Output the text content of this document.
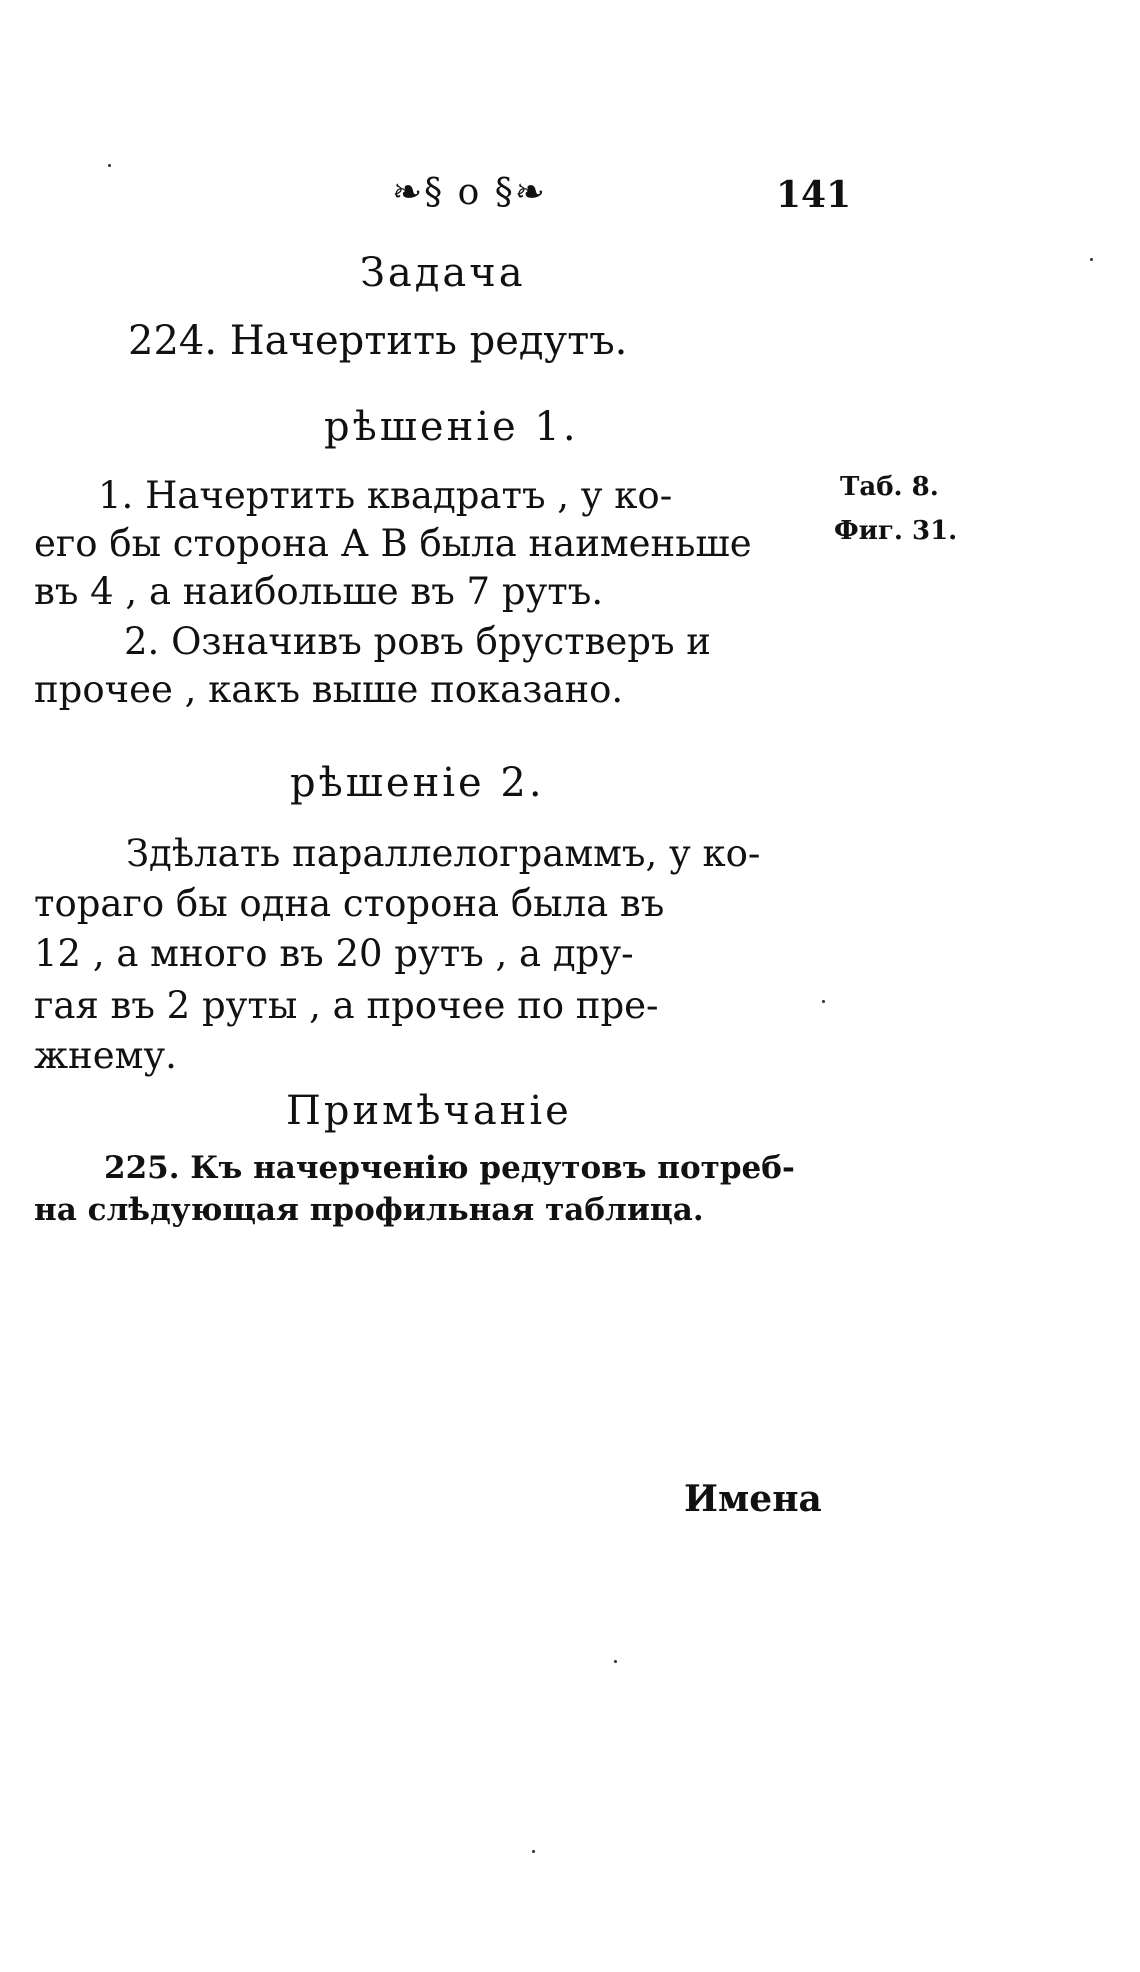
❧§ o §❧	141
Задача
224. Начертить редутъ.
рѣшенiе 1.
1. Начертить квадратъ , у ко-
его бы сторона А В была наименьше
въ 4 , а наибольше въ 7 рутъ.
2. Означивъ ровъ брустверъ и
прочее , какъ выше показано.
Таб. 8.
Фиг. 31.
рѣшенiе 2.
Здѣлать параллелограммъ, у ко-
тораго бы одна сторона была въ
12 , а много въ 20 рутъ , а дру-
гая въ 2 руты , а прочее по пре-
жнему.
Примѣчанiе
225. Къ начерченiю редутовъ потреб-
на слѣдующая профильная таблица.
Имена
